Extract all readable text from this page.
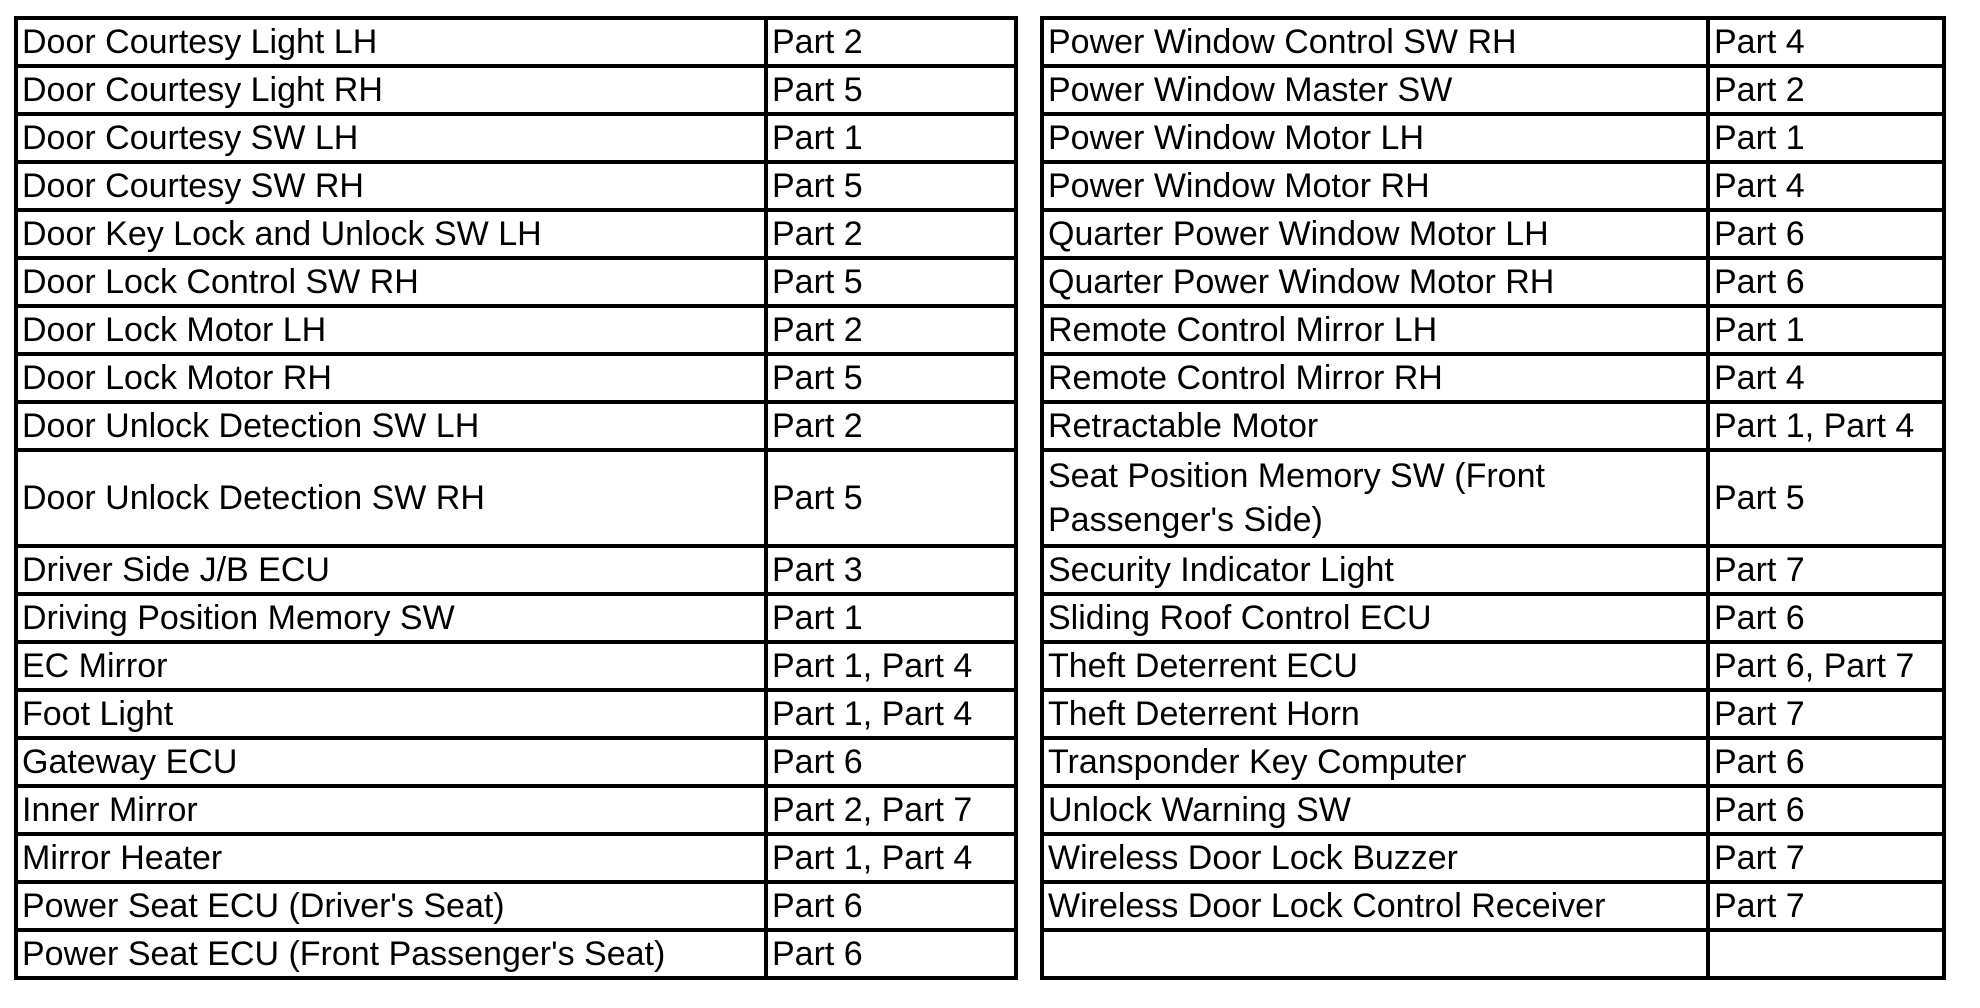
Door Courtesy Light LH	Part 2
Door Courtesy Light RH	Part 5
Door Courtesy SW LH	Part 1
Door Courtesy SW RH	Part 5
Door Key Lock and Unlock SW LH	Part 2
Door Lock Control SW RH	Part 5
Door Lock Motor LH	Part 2
Door Lock Motor RH	Part 5
Door Unlock Detection SW LH	Part 2
Door Unlock Detection SW RH	Part 5
Driver Side J/B ECU	Part 3
Driving Position Memory SW	Part 1
EC Mirror	Part 1, Part 4
Foot Light	Part 1, Part 4
Gateway ECU	Part 6
Inner Mirror	Part 2, Part 7
Mirror Heater	Part 1, Part 4
Power Seat ECU (Driver's Seat)	Part 6
Power Seat ECU (Front Passenger's Seat)	Part 6
Power Window Control SW RH	Part 4
Power Window Master SW	Part 2
Power Window Motor LH	Part 1
Power Window Motor RH	Part 4
Quarter Power Window Motor LH	Part 6
Quarter Power Window Motor RH	Part 6
Remote Control Mirror LH	Part 1
Remote Control Mirror RH	Part 4
Retractable Motor	Part 1, Part 4
Seat Position Memory SW (Front Passenger's Side)	Part 5
Security Indicator Light	Part 7
Sliding Roof Control ECU	Part 6
Theft Deterrent ECU	Part 6, Part 7
Theft Deterrent Horn	Part 7
Transponder Key Computer	Part 6
Unlock Warning SW	Part 6
Wireless Door Lock Buzzer	Part 7
Wireless Door Lock Control Receiver	Part 7
